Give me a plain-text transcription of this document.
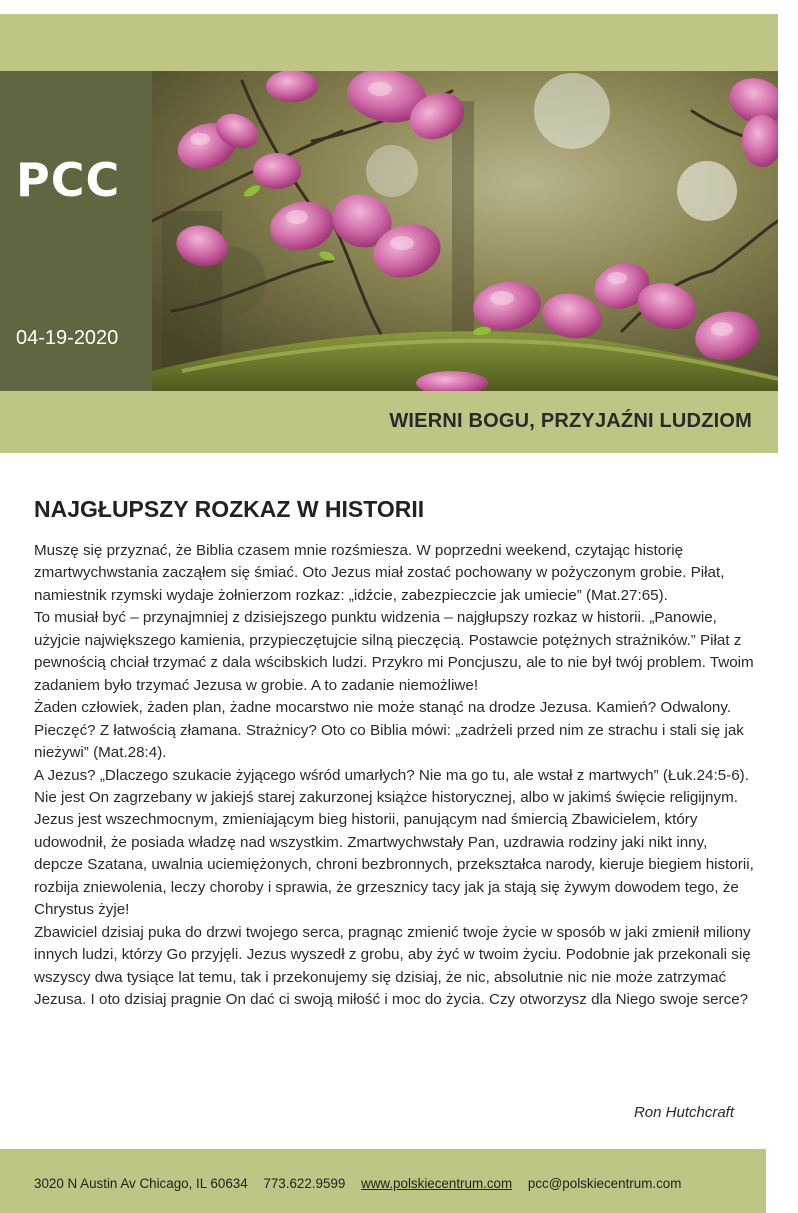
PCC
04-19-2020
WIERNI BOGU, PRZYJAŹNI LUDZIOM
NAJGŁUPSZY ROZKAZ W HISTORII

Muszę się przyznać, że Biblia czasem mnie rozśmiesza. W poprzedni weekend, czytając historię zmartwychwstania zacząłem się śmiać. Oto Jezus miał zostać pochowany w pożyczonym grobie. Piłat, namiestnik rzymski wydaje żołnierzom rozkaz: „idźcie, zabezpieczcie jak umiecie” (Mat.27:65).

To musiał być – przynajmniej z dzisiejszego punktu widzenia – najgłupszy rozkaz w historii. „Panowie, użyjcie największego kamienia, przypieczętujcie silną pieczęcią. Postawcie potężnych strażników.” Piłat z pewnością chciał trzymać z dala wścibskich ludzi. Przykro mi Poncjuszu, ale to nie był twój problem. Twoim zadaniem było trzymać Jezusa w grobie. A to zadanie niemożliwe!

Żaden człowiek, żaden plan, żadne mocarstwo nie może stanąć na drodze Jezusa. Kamień? Odwalony. Pieczęć? Z łatwością złamana. Strażnicy? Oto co Biblia mówi: „zadrżeli przed nim ze strachu i stali się jak nieżywi” (Mat.28:4).

A Jezus? „Dlaczego szukacie żyjącego wśród umarłych? Nie ma go tu, ale wstał z martwych” (Łuk.24:5-6).

Nie jest On zagrzebany w jakiejś starej zakurzonej książce historycznej, albo w jakimś święcie religijnym. Jezus jest wszechmocnym, zmieniającym bieg historii, panującym nad śmiercią Zbawicielem, który udowodnił, że posiada władzę nad wszystkim. Zmartwychwstały Pan, uzdrawia rodziny jaki nikt inny, depcze Szatana, uwalnia uciemiężonych, chroni bezbronnych, przekształca narody, kieruje biegiem historii, rozbija zniewolenia, leczy choroby i sprawia, że grzesznicy tacy jak ja stają się żywym dowodem tego, że Chrystus żyje!

Zbawiciel dzisiaj puka do drzwi twojego serca, pragnąc zmienić twoje życie w sposób w jaki zmienił miliony innych ludzi, którzy Go przyjęli. Jezus wyszedł z grobu, aby żyć w twoim życiu. Podobnie jak przekonali się wszyscy dwa tysiące lat temu, tak i przekonujemy się dzisiaj, że nic, absolutnie nic nie może zatrzymać Jezusa. I oto dzisiaj pragnie On dać ci swoją miłość i moc do życia. Czy otworzysz dla Niego swoje serce?

Ron Hutchcraft
3020 N Austin Av Chicago, IL 60634 773.622.9599 www.polskiecentrum.com pcc@polskiecentrum.com
